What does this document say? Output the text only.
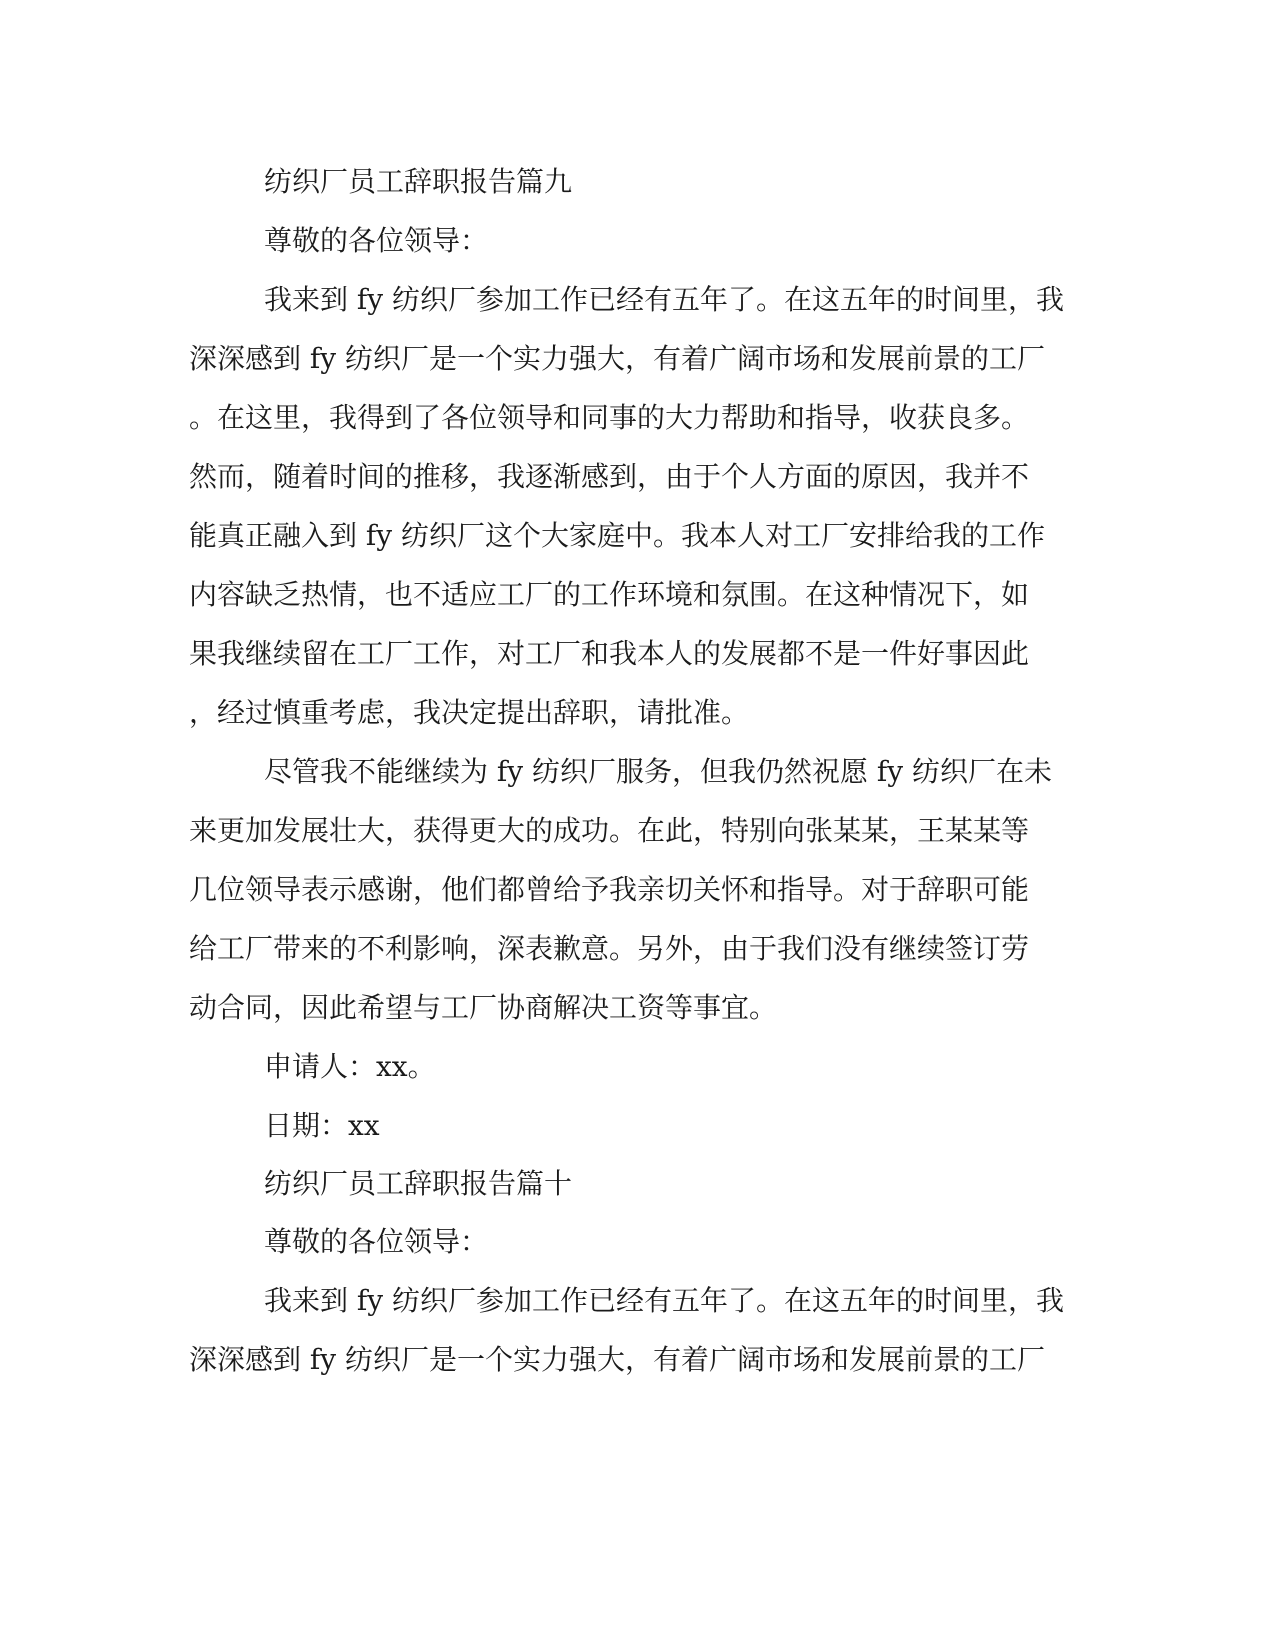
纺织厂员工辞职报告篇九
尊敬的各位领导：
我来到 fy 纺织厂参加工作已经有五年了。在这五年的时间里，我
深深感到 fy 纺织厂是一个实力强大，有着广阔市场和发展前景的工厂
。在这里，我得到了各位领导和同事的大力帮助和指导，收获良多。
然而，随着时间的推移，我逐渐感到，由于个人方面的原因，我并不
能真正融入到 fy 纺织厂这个大家庭中。我本人对工厂安排给我的工作
内容缺乏热情，也不适应工厂的工作环境和氛围。在这种情况下，如
果我继续留在工厂工作，对工厂和我本人的发展都不是一件好事因此
，经过慎重考虑，我决定提出辞职，请批准。
尽管我不能继续为 fy 纺织厂服务，但我仍然祝愿 fy 纺织厂在未
来更加发展壮大，获得更大的成功。在此，特别向张某某，王某某等
几位领导表示感谢，他们都曾给予我亲切关怀和指导。对于辞职可能
给工厂带来的不利影响，深表歉意。另外，由于我们没有继续签订劳
动合同，因此希望与工厂协商解决工资等事宜。
申请人：xx。
日期：xx
纺织厂员工辞职报告篇十
尊敬的各位领导：
我来到 fy 纺织厂参加工作已经有五年了。在这五年的时间里，我
深深感到 fy 纺织厂是一个实力强大，有着广阔市场和发展前景的工厂
